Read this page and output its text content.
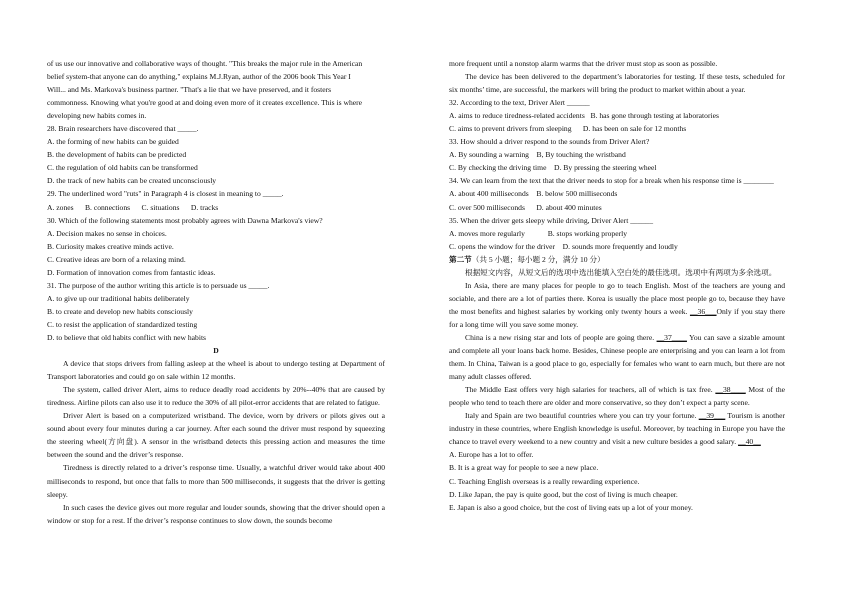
of us use our innovative and collaborative ways of thought. "This breaks the major rule in the American
belief system-that anyone can do anything," explains M.J.Ryan, author of the 2006 book This Year I
Will... and Ms. Markova's business partner. "That's a lie that we have preserved, and it fosters
commonness. Knowing what you're good at and doing even more of it creates excellence. This is where
developing new habits comes in.
28. Brain researchers have discovered that _____.
A. the forming of new habits can be guided
B. the development of habits can be predicted
C. the regulation of old habits can be transformed
D. the track of new habits can be created unconsciously
29. The underlined word "ruts" in Paragraph 4 is closest in meaning to _____.
A. zones      B. connections      C. situations      D. tracks
30. Which of the following statements most probably agrees with Dawna Markova's view?
A. Decision makes no sense in choices.
B. Curiosity makes creative minds active.
C. Creative ideas are born of a relaxing mind.
D. Formation of innovation comes from fantastic ideas.
31. The purpose of the author writing this article is to persuade us _____.
A. to give up our traditional habits deliberately
B. to create and develop new habits consciously
C. to resist the application of standardized testing
D. to believe that old habits conflict with new habits
D

A device that stops drivers from falling asleep at the wheel is about to undergo testing at Department of Transport laboratories and could go on sale within 12 months.

The system, called driver Alert, aims to reduce deadly road accidents by 20%--40% that are caused by tiredness. Airline pilots can also use it to reduce the 30% of all pilot-error accidents that are related to fatigue.

Driver Alert is based on a computerized wristband. The device, worn by drivers or pilots gives out a sound about every four minutes during a car journey. After each sound the driver must respond by squeezing the steering wheel(方向盘). A sensor in the wristband detects this pressing action and measures the time between the sound and the driver’s response.

Tiredness is directly related to a driver’s response time. Usually, a watchful driver would take about 400 milliseconds to respond, but once that falls to more than 500 milliseconds, it suggests that the driver is getting sleepy.

In such cases the device gives out more regular and louder sounds, showing that the driver should open a window or stop for a rest. If the driver’s response continues to slow down, the sounds become

more frequent until a nonstop alarm warms that the driver must stop as soon as possible.

The device has been delivered to the department’s laboratories for testing. If these tests, scheduled for six months’ time, are successful, the markers will bring the product to market within about a year.

32. According to the text, Driver Alert ______
A. aims to reduce tiredness-related accidents   B. has gone through testing at laboratories
C. aims to prevent drivers from sleeping      D. has been on sale for 12 months
33. How should a driver respond to the sounds from Driver Alert?
A. By sounding a warning    B, By touching the wristband
C. By checking the driving time    D. By pressing the steering wheel

34. We can learn from the text that the driver needs to stop for a break when his response time is ________

A. about 400 milliseconds    B. below 500 milliseconds
C. over 500 milliseconds      D. about 400 minutes
35. When the driver gets sleepy while driving, Driver Alert ______
A. moves more regularly            B. stops working properly
C. opens the window for the driver    D. sounds more frequently and loudly
第二节（共 5 小题；每小题 2 分，满分 10 分）
根据短文内容，从短文后的选项中选出能填入空白处的最佳选项。选项中有两项为多余选项。

In Asia, there are many places for people to go to teach English. Most of the teachers are young and sociable, and there are a lot of parties there. Korea is usually the place most people go to, because they have the most benefits and highest salaries by working only twenty hours a week. __36___Only if you stay there for a long time will you save some money.

China is a new rising star and lots of people are going there. __37____ You can save a sizable amount and complete all your loans back home. Besides, Chinese people are enterprising and you can learn a lot from them. In China, Taiwan is a good place to go, especially for females who want to earn much, but there are not many adult classes offered.

The Middle East offers very high salaries for teachers, all of which is tax free. __38____ Most of the people who tend to teach there are older and more conservative, so they don’t expect a party scene.

Italy and Spain are two beautiful countries where you can try your fortune. __39___ Tourism is another industry in these countries, where English knowledge is useful. Moreover, by teaching in Europe you have the chance to travel every weekend to a new country and visit a new culture besides a good salary. __40__

A. Europe has a lot to offer.
B. It is a great way for people to see a new place.
C. Teaching English overseas is a really rewarding experience.
D. Like Japan, the pay is quite good, but the cost of living is much cheaper.
E. Japan is also a good choice, but the cost of living eats up a lot of your money.
